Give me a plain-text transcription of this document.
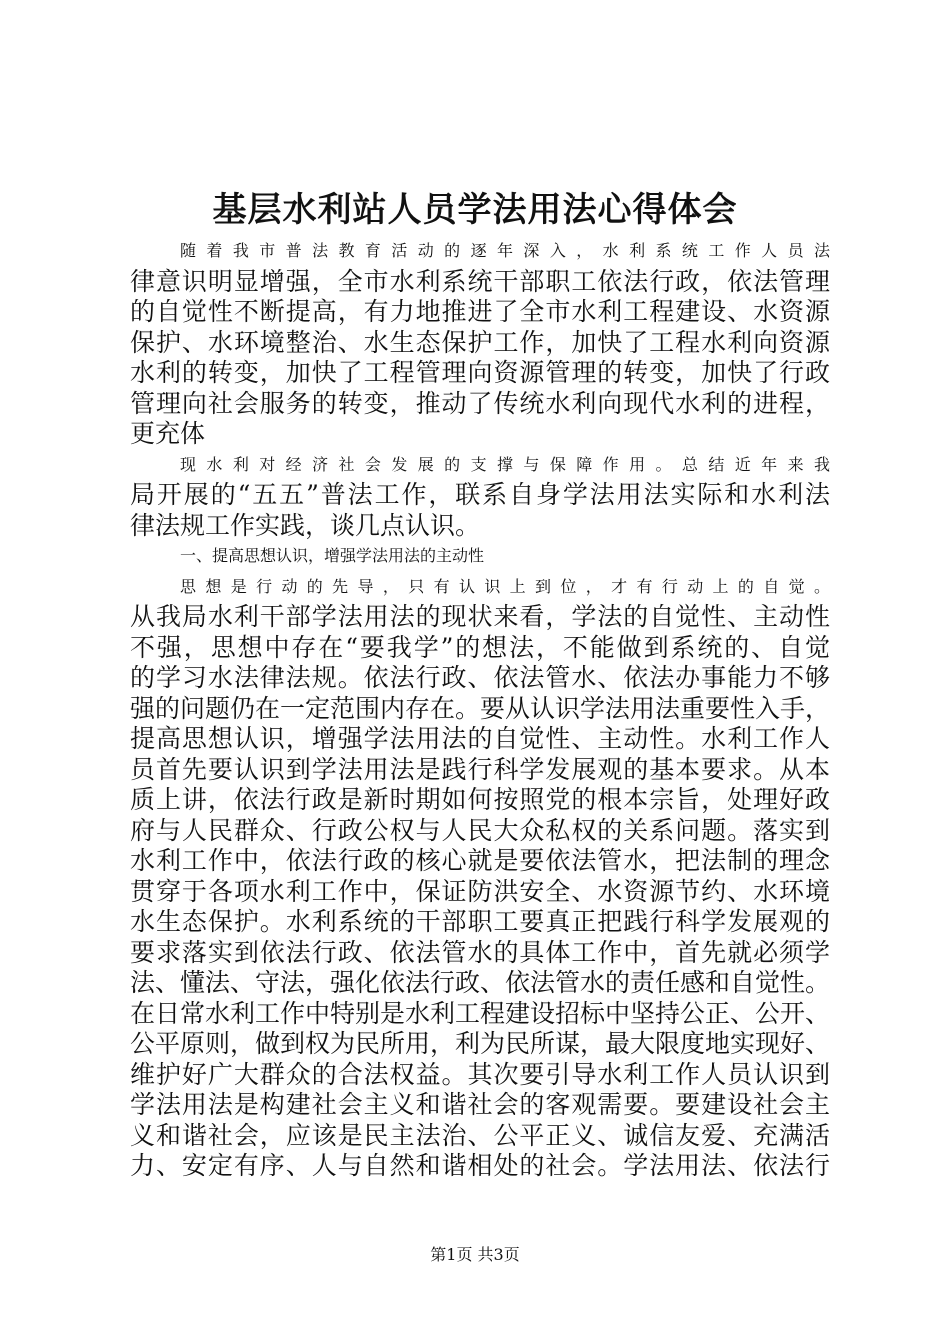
基层水利站人员学法用法心得体会
随着我市普法教育活动的逐年深入，水利系统工作人员法
律意识明显增强，全市水利系统干部职工依法行政，依法管理
的自觉性不断提高，有力地推进了全市水利工程建设、水资源
保护、水环境整治、水生态保护工作，加快了工程水利向资源
水利的转变，加快了工程管理向资源管理的转变，加快了行政
管理向社会服务的转变，推动了传统水利向现代水利的进程，
更充体
现水利对经济社会发展的支撑与保障作用。总结近年来我
局开展的“五五”普法工作，联系自身学法用法实际和水利法
律法规工作实践，谈几点认识。
一、提高思想认识，增强学法用法的主动性
思想是行动的先导，只有认识上到位，才有行动上的自觉。
从我局水利干部学法用法的现状来看，学法的自觉性、主动性
不强，思想中存在“要我学”的想法，不能做到系统的、自觉
的学习水法律法规。依法行政、依法管水、依法办事能力不够
强的问题仍在一定范围内存在。要从认识学法用法重要性入手，
提高思想认识，增强学法用法的自觉性、主动性。水利工作人
员首先要认识到学法用法是践行科学发展观的基本要求。从本
质上讲，依法行政是新时期如何按照党的根本宗旨，处理好政
府与人民群众、行政公权与人民大众私权的关系问题。落实到
水利工作中，依法行政的核心就是要依法管水，把法制的理念
贯穿于各项水利工作中，保证防洪安全、水资源节约、水环境
水生态保护。水利系统的干部职工要真正把践行科学发展观的
要求落实到依法行政、依法管水的具体工作中，首先就必须学
法、懂法、守法，强化依法行政、依法管水的责任感和自觉性。
在日常水利工作中特别是水利工程建设招标中坚持公正、公开、
公平原则，做到权为民所用，利为民所谋，最大限度地实现好、
维护好广大群众的合法权益。其次要引导水利工作人员认识到
学法用法是构建社会主义和谐社会的客观需要。要建设社会主
义和谐社会，应该是民主法治、公平正义、诚信友爱、充满活
力、安定有序、人与自然和谐相处的社会。学法用法、依法行
第1页 共3页
